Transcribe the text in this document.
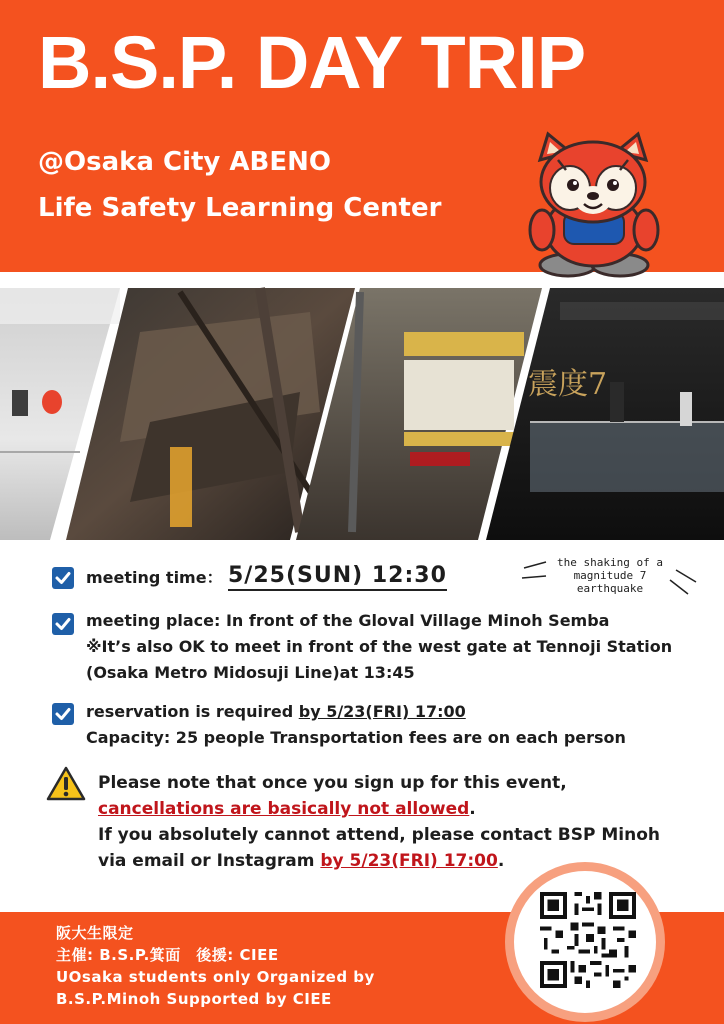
B.S.P. DAY TRIP
@Osaka City ABENO
Life Safety Learning Center
震度7
meeting time： 5/25(SUN) 12:30
the shaking of a
magnitude 7
earthquake
meeting place: In front of the Gloval Village Minoh Semba
※It’s also OK to meet in front of the west gate at Tennoji Station
(Osaka Metro Midosuji Line)at 13:45
reservation is required by 5/23(FRI) 17:00
Capacity: 25 people Transportation fees are on each person
Please note that once you sign up for this event,
cancellations are basically not allowed.
If you absolutely cannot attend, please contact BSP Minoh
via email or Instagram by 5/23(FRI) 17:00.
阪大生限定
主催: B.S.P.箕面　後援: CIEE
UOsaka students only Organized by
B.S.P.Minoh Supported by CIEE
